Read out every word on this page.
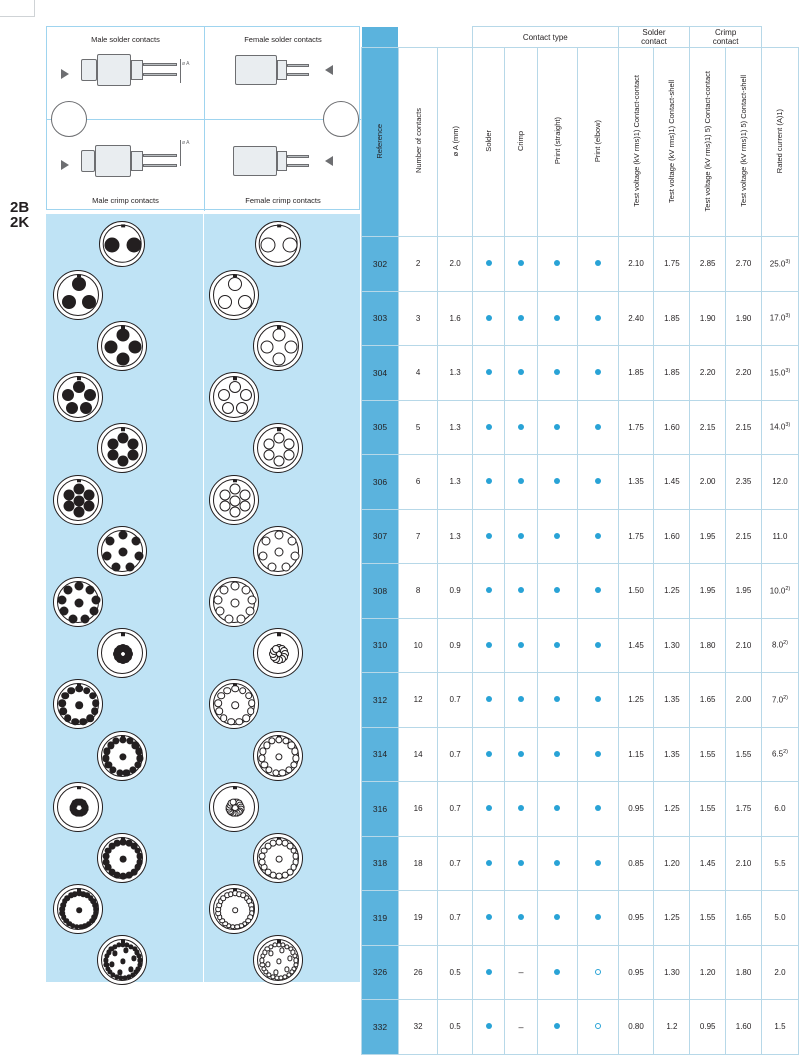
2B
2K
Male solder contacts
ø A
Female solder contacts
Male crimp contacts
ø A
Female crimp contacts
			Contact type	Solder
contact

Crimp
contact

Reference	Number of contacts	ø A (mm)	Solder	Crimp	Print (straight)	Print (elbow)	Test voltage (kV rms)1) Contact-contact	Test voltage (kV rms)1) Contact-shell	Test voltage (kV rms)1) 5) Contact-contact	Test voltage (kV rms)1) 5) Contact-shell	Rated current (A)1)
302	2	2.0					2.10	1.75	2.85	2.70	25.0$^{3)}$
303	3	1.6					2.40	1.85	1.90	1.90	17.0$^{3)}$
304	4	1.3					1.85	1.85	2.20	2.20	15.0$^{3)}$
305	5	1.3					1.75	1.60	2.15	2.15	14.0$^{3)}$
306	6	1.3					1.35	1.45	2.00	2.35	12.0
307	7	1.3					1.75	1.60	1.95	2.15	11.0
308	8	0.9					1.50	1.25	1.95	1.95	10.0$^{2)}$
310	10	0.9					1.45	1.30	1.80	2.10	8.0$^{2)}$
312	12	0.7					1.25	1.35	1.65	2.00	7.0$^{2)}$
314	14	0.7					1.15	1.35	1.55	1.55	6.5$^{2)}$
316	16	0.7					0.95	1.25	1.55	1.75	6.0
318	18	0.7					0.85	1.20	1.45	2.10	5.5
319	19	0.7					0.95	1.25	1.55	1.65	5.0
326	26	0.5		–			0.95	1.30	1.20	1.80	2.0
332	32	0.5		–			0.80	1.2	0.95	1.60	1.5
